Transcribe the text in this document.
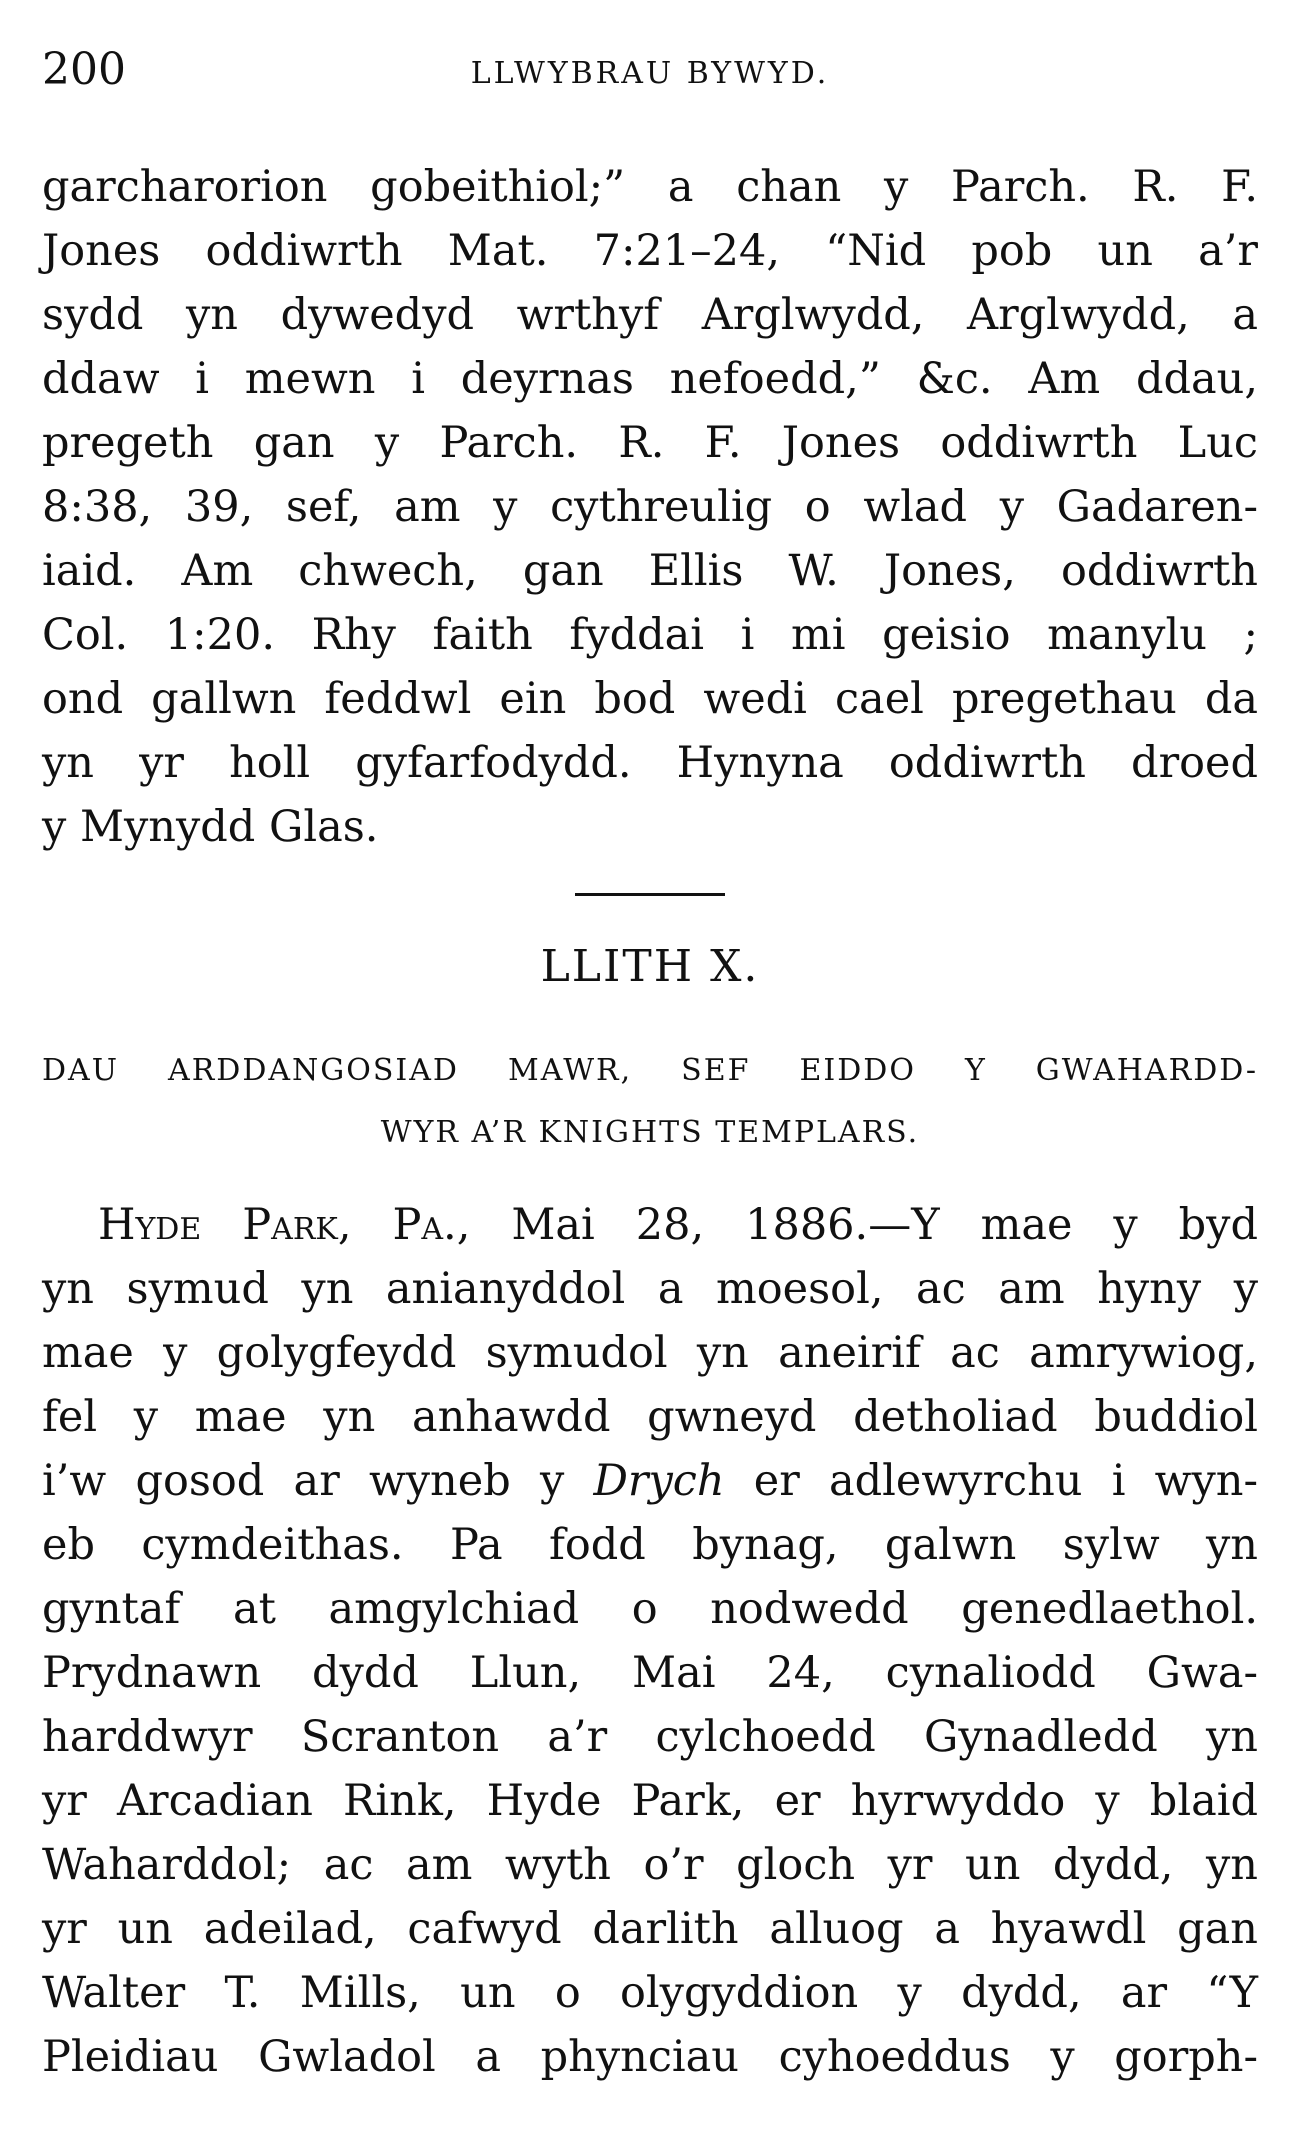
200	LLWYBRAU BYWYD.
garcharorion gobeithiol;” a chan y Parch. R. F.
Jones oddiwrth Mat. 7:21–24, “Nid pob un a’r
sydd yn dywedyd wrthyf Arglwydd, Arglwydd, a
ddaw i mewn i deyrnas nefoedd,” &c. Am ddau,
pregeth gan y Parch. R. F. Jones oddiwrth Luc
8:38, 39, sef, am y cythreulig o wlad y Gadaren-
iaid. Am chwech, gan Ellis W. Jones, oddiwrth
Col. 1:20. Rhy faith fyddai i mi geisio manylu ;
ond gallwn feddwl ein bod wedi cael pregethau da
yn yr holl gyfarfodydd. Hynyna oddiwrth droed
y Mynydd Glas.
LLITH X.
DAU ARDDANGOSIAD MAWR, SEF EIDDO Y GWAHARDD-
WYR A’R KNIGHTS TEMPLARS.
Hyde Park, Pa., Mai 28, 1886.—Y mae y byd
yn symud yn anianyddol a moesol, ac am hyny y
mae y golygfeydd symudol yn aneirif ac amrywiog,
fel y mae yn anhawdd gwneyd detholiad buddiol
i’w gosod ar wyneb y Drych er adlewyrchu i wyn-
eb cymdeithas. Pa fodd bynag, galwn sylw yn
gyntaf at amgylchiad o nodwedd genedlaethol.
Prydnawn dydd Llun, Mai 24, cynaliodd Gwa-
harddwyr Scranton a’r cylchoedd Gynadledd yn
yr Arcadian Rink, Hyde Park, er hyrwyddo y blaid
Waharddol; ac am wyth o’r gloch yr un dydd, yn
yr un adeilad, cafwyd darlith alluog a hyawdl gan
Walter T. Mills, un o olygyddion y dydd, ar “Y
Pleidiau Gwladol a phynciau cyhoeddus y gorph-
